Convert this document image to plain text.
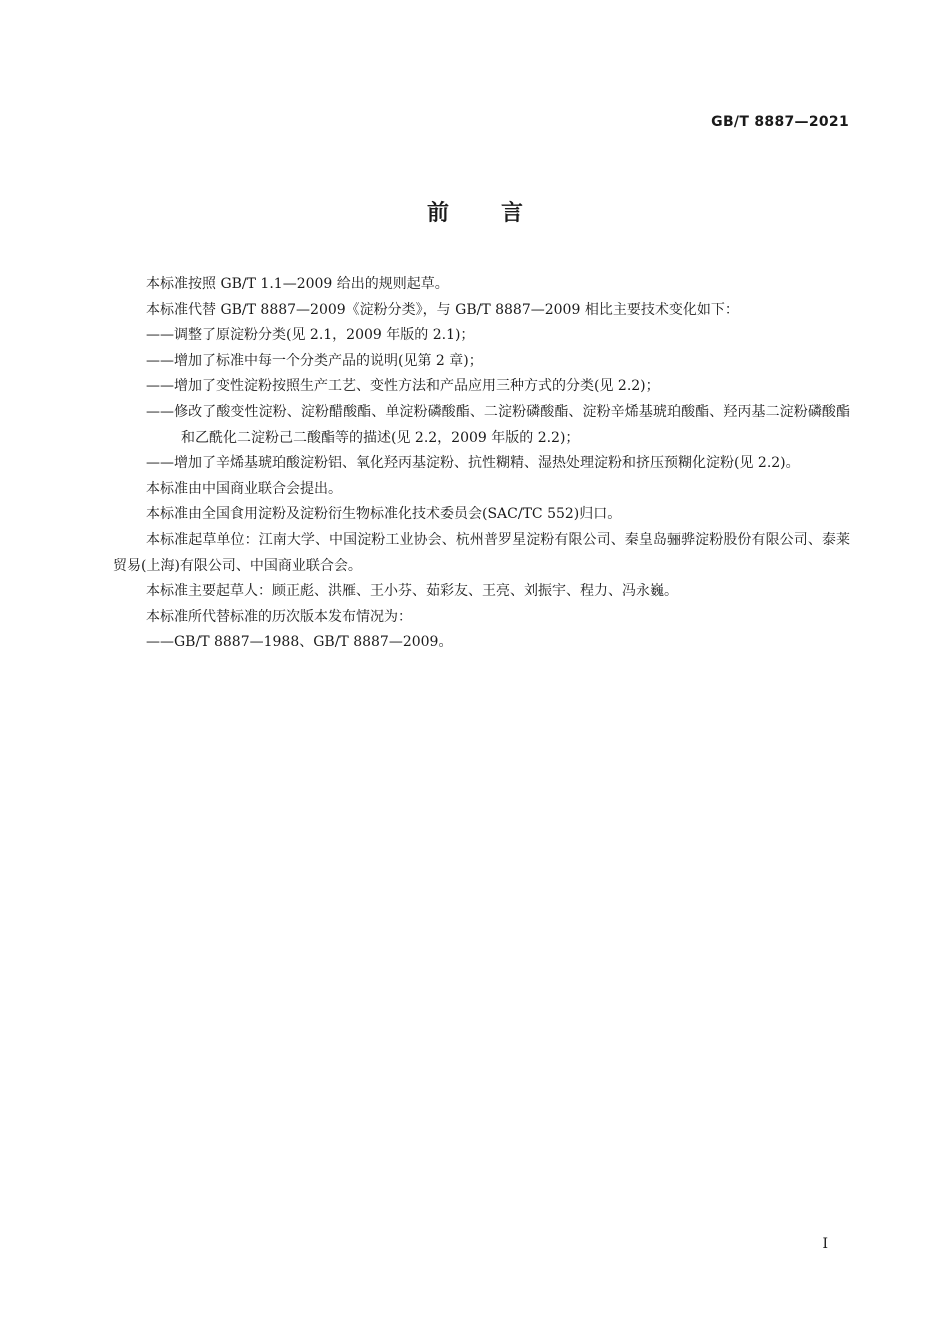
GB/T 8887—2021
前言

本标准按照 GB/T 1.1—2009 给出的规则起草。

本标准代替 GB/T 8887—2009《淀粉分类》，与 GB/T 8887—2009 相比主要技术变化如下：

——调整了原淀粉分类(见 2.1，2009 年版的 2.1)；

——增加了标准中每一个分类产品的说明(见第 2 章)；

——增加了变性淀粉按照生产工艺、变性方法和产品应用三种方式的分类(见 2.2)；

——修改了酸变性淀粉、淀粉醋酸酯、单淀粉磷酸酯、二淀粉磷酸酯、淀粉辛烯基琥珀酸酯、羟丙基二淀粉磷酸酯和乙酰化二淀粉己二酸酯等的描述(见 2.2，2009 年版的 2.2)；

——增加了辛烯基琥珀酸淀粉铝、氧化羟丙基淀粉、抗性糊精、湿热处理淀粉和挤压预糊化淀粉(见 2.2)。

本标准由中国商业联合会提出。

本标准由全国食用淀粉及淀粉衍生物标准化技术委员会(SAC/TC 552)归口。

本标准起草单位：江南大学、中国淀粉工业协会、杭州普罗星淀粉有限公司、秦皇岛骊骅淀粉股份有限公司、泰莱贸易(上海)有限公司、中国商业联合会。

本标准主要起草人：顾正彪、洪雁、王小芬、茹彩友、王亮、刘振宇、程力、冯永巍。

本标准所代替标准的历次版本发布情况为：

——GB/T 8887—1988、GB/T 8887—2009。

I
